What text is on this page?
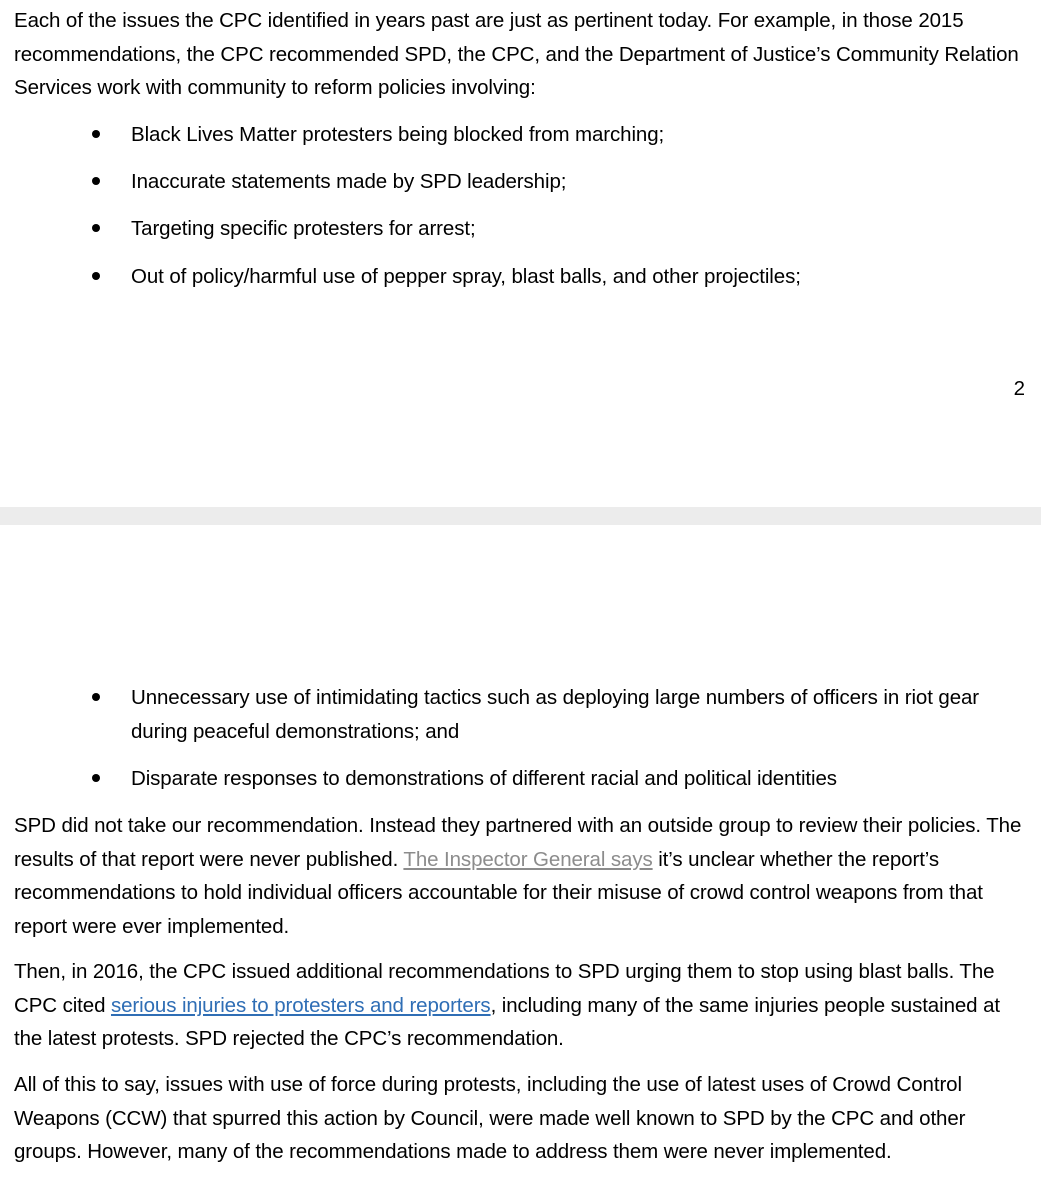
Each of the issues the CPC identified in years past are just as pertinent today. For example, in those 2015 recommendations, the CPC recommended SPD, the CPC, and the Department of Justice’s Community Relation Services work with community to reform policies involving:

Black Lives Matter protesters being blocked from marching;
Inaccurate statements made by SPD leadership;
Targeting specific protesters for arrest;
Out of policy/harmful use of pepper spray, blast balls, and other projectiles;
2
Unnecessary use of intimidating tactics such as deploying large numbers of officers in riot gear during peaceful demonstrations; and
Disparate responses to demonstrations of different racial and political identities

SPD did not take our recommendation. Instead they partnered with an outside group to review their policies. The results of that report were never published. The Inspector General says it’s unclear whether the report’s recommendations to hold individual officers accountable for their misuse of crowd control weapons from that report were ever implemented.

Then, in 2016, the CPC issued additional recommendations to SPD urging them to stop using blast balls. The CPC cited serious injuries to protesters and reporters, including many of the same injuries people sustained at the latest protests. SPD rejected the CPC’s recommendation.

All of this to say, issues with use of force during protests, including the use of latest uses of Crowd Control Weapons (CCW) that spurred this action by Council, were made well known to SPD by the CPC and other groups. However, many of the recommendations made to address them were never implemented.
